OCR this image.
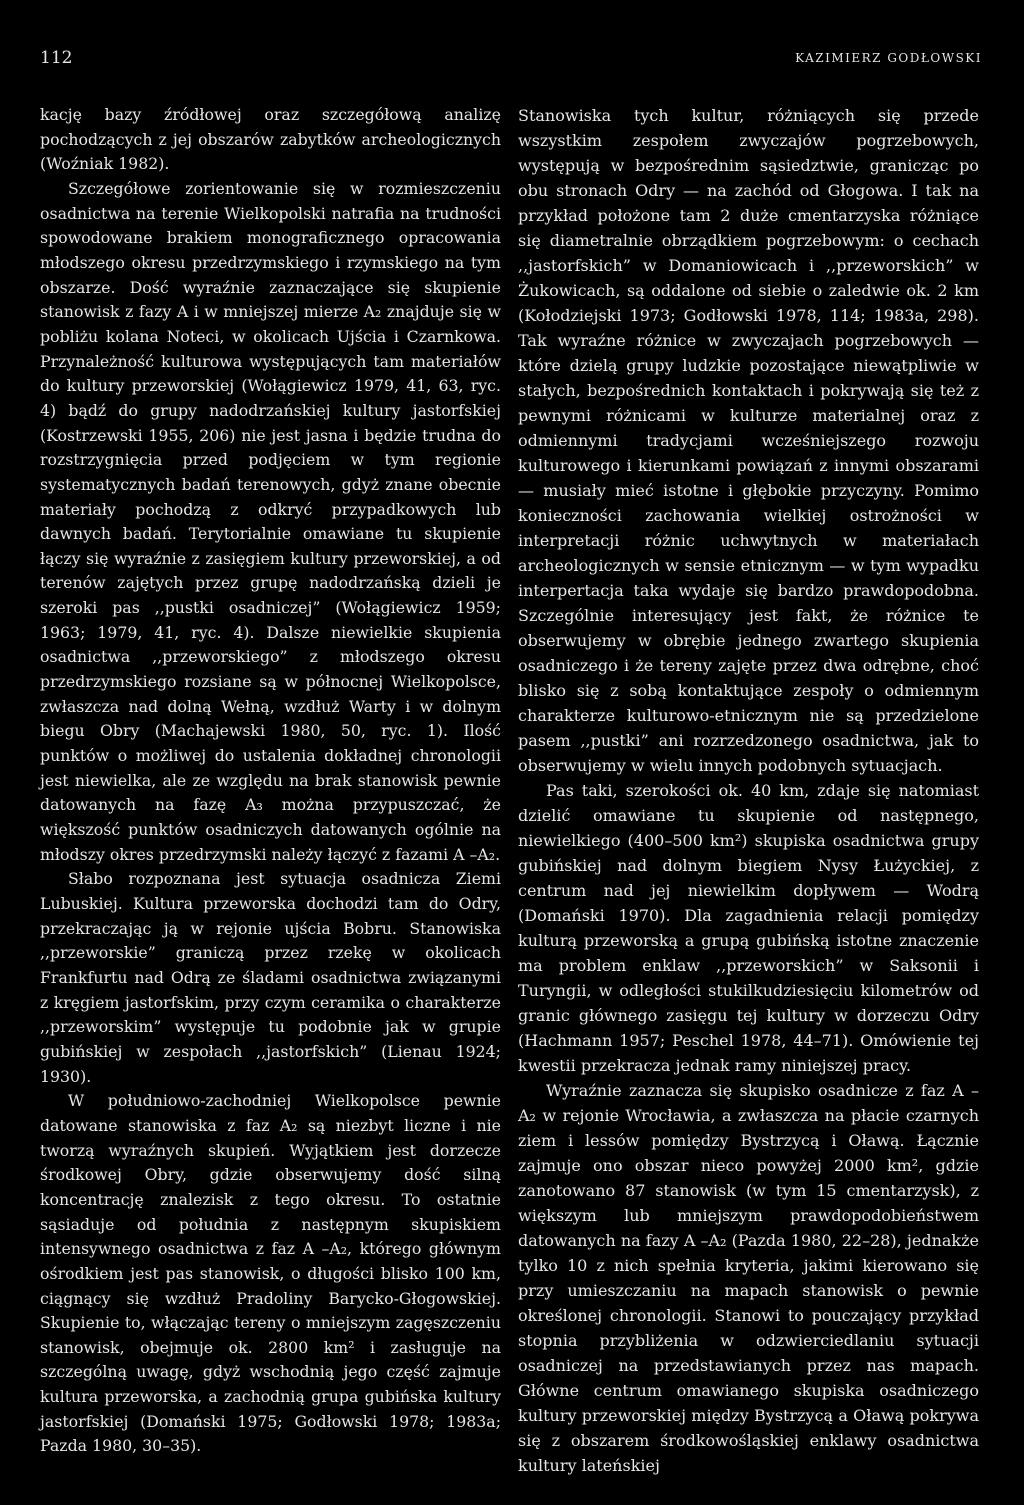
112	KAZIMIERZ GODŁOWSKI

kację bazy źródłowej oraz szczegółową analizę pochodzących z jej obszarów zabytków archeologicznych (Woźniak 1982).

Szczegółowe zorientowanie się w rozmieszczeniu osadnictwa na terenie Wielkopolski natrafia na trudności spowodowane brakiem monograficznego opracowania młodszego okresu przedrzymskiego i rzymskiego na tym obszarze. Dość wyraźnie zaznaczające się skupienie stanowisk z fazy A i w mniejszej mierze A₂ znajduje się w pobliżu kolana Noteci, w okolicach Ujścia i Czarnkowa. Przynależność kulturowa występujących tam materiałów do kultury przeworskiej (Wołągiewicz 1979, 41, 63, ryc. 4) bądź do grupy nadodrzańskiej kultury jastorfskiej (Kostrzewski 1955, 206) nie jest jasna i będzie trudna do rozstrzygnięcia przed podjęciem w tym regionie systematycznych badań terenowych, gdyż znane obecnie materiały pochodzą z odkryć przypadkowych lub dawnych badań. Terytorialnie omawiane tu skupienie łączy się wyraźnie z zasięgiem kultury przeworskiej, a od terenów zajętych przez grupę nadodrzańską dzieli je szeroki pas ,,pustki osadniczej” (Wołągiewicz 1959; 1963; 1979, 41, ryc. 4). Dalsze niewielkie skupienia osadnictwa ,,przeworskiego” z młodszego okresu przedrzymskiego rozsiane są w północnej Wielkopolsce, zwłaszcza nad dolną Wełną, wzdłuż Warty i w dolnym biegu Obry (Machajewski 1980, 50, ryc. 1). Ilość punktów o możliwej do ustalenia dokładnej chronologii jest niewielka, ale ze względu na brak stanowisk pewnie datowanych na fazę A₃ można przypuszczać, że większość punktów osadniczych datowanych ogólnie na młodszy okres przedrzymski należy łączyć z fazami A –A₂.

Słabo rozpoznana jest sytuacja osadnicza Ziemi Lubuskiej. Kultura przeworska dochodzi tam do Odry, przekraczając ją w rejonie ujścia Bobru. Stanowiska ,,przeworskie” graniczą przez rzekę w okolicach Frankfurtu nad Odrą ze śladami osadnictwa związanymi z kręgiem jastorfskim, przy czym ceramika o charakterze ,,przeworskim” występuje tu podobnie jak w grupie gubińskiej w zespołach ,,jastorfskich” (Lienau 1924; 1930).

W południowo-zachodniej Wielkopolsce pewnie datowane stanowiska z faz A₂ są niezbyt liczne i nie tworzą wyraźnych skupień. Wyjątkiem jest dorzecze środkowej Obry, gdzie obserwujemy dość silną koncentrację znalezisk z tego okresu. To ostatnie sąsiaduje od południa z następnym skupiskiem intensywnego osadnictwa z faz A –A₂, którego głównym ośrodkiem jest pas stanowisk, o długości blisko 100 km, ciągnący się wzdłuż Pradoliny Barycko-Głogowskiej. Skupienie to, włączając tereny o mniejszym zagęszczeniu stanowisk, obejmuje ok. 2800 km² i zasługuje na szczególną uwagę, gdyż wschodnią jego część zajmuje kultura przeworska, a zachodnią grupa gubińska kultury jastorfskiej (Domański 1975; Godłowski 1978; 1983a; Pazda 1980, 30–35).

Stanowiska tych kultur, różniących się przede wszystkim zespołem zwyczajów pogrzebowych, występują w bezpośrednim sąsiedztwie, granicząc po obu stronach Odry — na zachód od Głogowa. I tak na przykład położone tam 2 duże cmentarzyska różniące się diametralnie obrządkiem pogrzebowym: o cechach ,,jastorfskich” w Domaniowicach i ,,przeworskich” w Żukowicach, są oddalone od siebie o zaledwie ok. 2 km (Kołodziejski 1973; Godłowski 1978, 114; 1983a, 298). Tak wyraźne różnice w zwyczajach pogrzebowych — które dzielą grupy ludzkie pozostające niewątpliwie w stałych, bezpośrednich kontaktach i pokrywają się też z pewnymi różnicami w kulturze materialnej oraz z odmiennymi tradycjami wcześniejszego rozwoju kulturowego i kierunkami powiązań z innymi obszarami — musiały mieć istotne i głębokie przyczyny. Pomimo konieczności zachowania wielkiej ostrożności w interpretacji różnic uchwytnych w materiałach archeologicznych w sensie etnicznym — w tym wypadku interpertacja taka wydaje się bardzo prawdopodobna. Szczególnie interesujący jest fakt, że różnice te obserwujemy w obrębie jednego zwartego skupienia osadniczego i że tereny zajęte przez dwa odrębne, choć blisko się z sobą kontaktujące zespoły o odmiennym charakterze kulturowo-etnicznym nie są przedzielone pasem ,,pustki” ani rozrzedzonego osadnictwa, jak to obserwujemy w wielu innych podobnych sytuacjach.

Pas taki, szerokości ok. 40 km, zdaje się natomiast dzielić omawiane tu skupienie od następnego, niewielkiego (400–500 km²) skupiska osadnictwa grupy gubińskiej nad dolnym biegiem Nysy Łużyckiej, z centrum nad jej niewielkim dopływem — Wodrą (Domański 1970). Dla zagadnienia relacji pomiędzy kulturą przeworską a grupą gubińską istotne znaczenie ma problem enklaw ,,przeworskich” w Saksonii i Turyngii, w odległości stukilkudziesięciu kilometrów od granic głównego zasięgu tej kultury w dorzeczu Odry (Hachmann 1957; Peschel 1978, 44–71). Omówienie tej kwestii przekracza jednak ramy niniejszej pracy.

Wyraźnie zaznacza się skupisko osadnicze z faz A – A₂ w rejonie Wrocławia, a zwłaszcza na płacie czarnych ziem i lessów pomiędzy Bystrzycą i Oławą. Łącznie zajmuje ono obszar nieco powyżej 2000 km², gdzie zanotowano 87 stanowisk (w tym 15 cmentarzysk), z większym lub mniejszym prawdopodobieństwem datowanych na fazy A –A₂ (Pazda 1980, 22–28), jednakże tylko 10 z nich spełnia kryteria, jakimi kierowano się przy umieszczaniu na mapach stanowisk o pewnie określonej chronologii. Stanowi to pouczający przykład stopnia przybliżenia w odzwierciedlaniu sytuacji osadniczej na przedstawianych przez nas mapach. Główne centrum omawianego skupiska osadniczego kultury przeworskiej między Bystrzycą a Oławą pokrywa się z obszarem środkowośląskiej enklawy osadnictwa kultury lateńskiej
